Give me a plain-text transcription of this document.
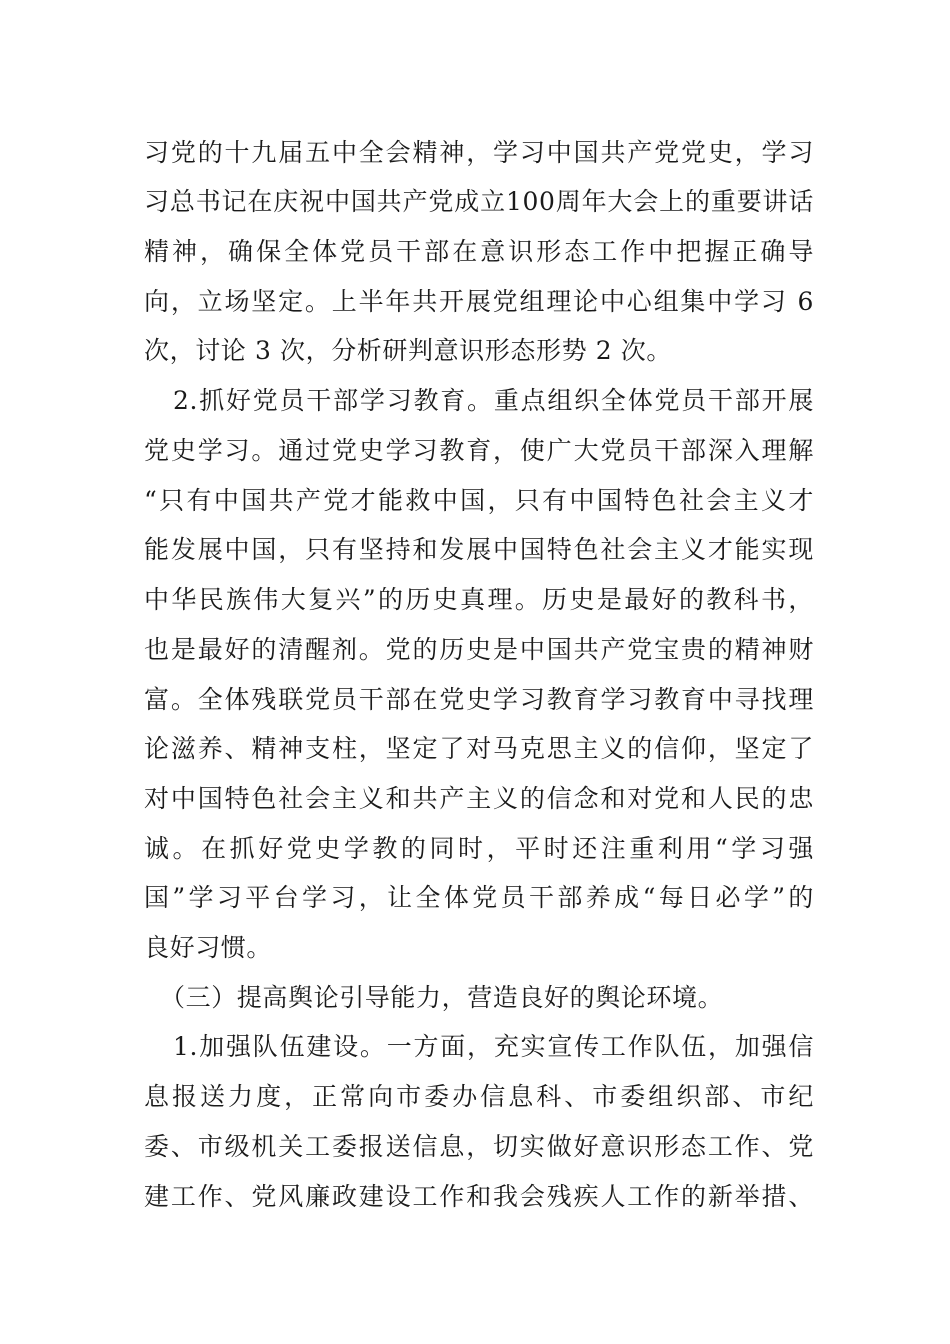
习党的十九届五中全会精神，学习中国共产党党史，学习
习总书记在庆祝中国共产党成立100周年大会上的重要讲话
精神，确保全体党员干部在意识形态工作中把握正确导
向，立场坚定。上半年共开展党组理论中心组集中学习 6
次，讨论 3 次，分析研判意识形态形势 2 次。
2.抓好党员干部学习教育。重点组织全体党员干部开展
党史学习。通过党史学习教育，使广大党员干部深入理解
“只有中国共产党才能救中国，只有中国特色社会主义才
能发展中国，只有坚持和发展中国特色社会主义才能实现
中华民族伟大复兴”的历史真理。历史是最好的教科书，
也是最好的清醒剂。党的历史是中国共产党宝贵的精神财
富。全体残联党员干部在党史学习教育学习教育中寻找理
论滋养、精神支柱，坚定了对马克思主义的信仰，坚定了
对中国特色社会主义和共产主义的信念和对党和人民的忠
诚。在抓好党史学教的同时，平时还注重利用“学习强
国”学习平台学习，让全体党员干部养成“每日必学”的
良好习惯。
（三）提高舆论引导能力，营造良好的舆论环境。
1.加强队伍建设。一方面，充实宣传工作队伍，加强信
息报送力度，正常向市委办信息科、市委组织部、市纪
委、市级机关工委报送信息，切实做好意识形态工作、党
建工作、党风廉政建设工作和我会残疾人工作的新举措、
